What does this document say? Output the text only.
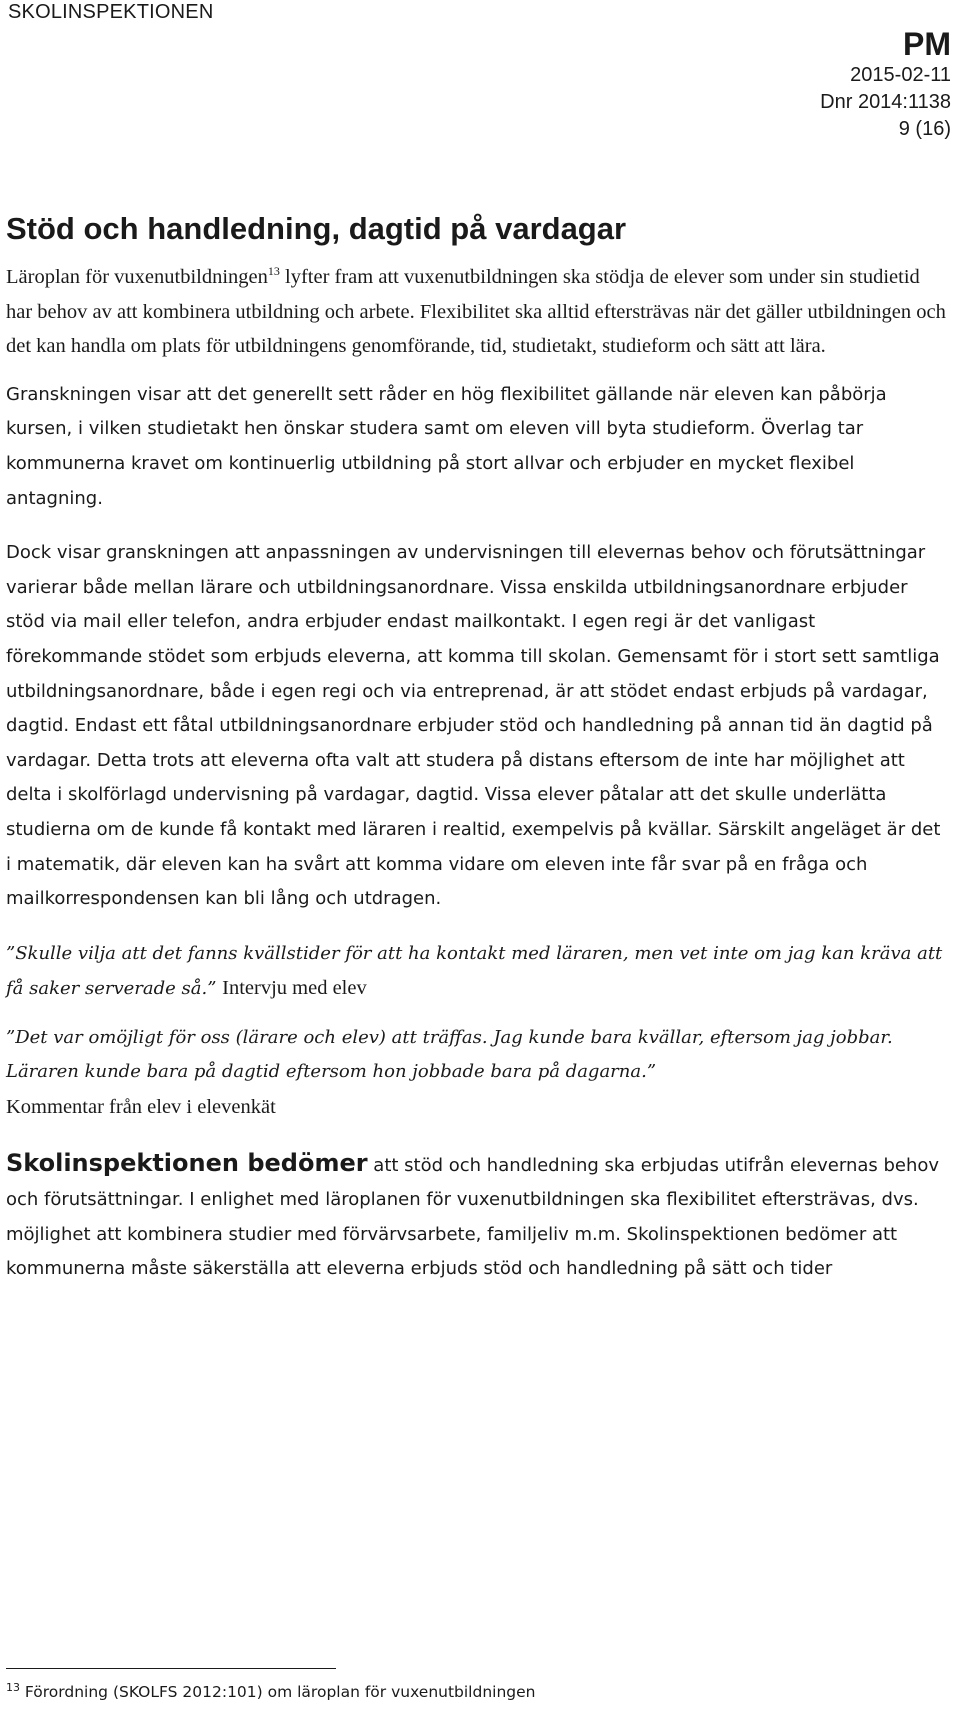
SKOLINSPEKTIONEN
PM
2015-02-11
Dnr 2014:1138
9 (16)
Stöd och handledning, dagtid på vardagar

Läroplan för vuxenutbildningen$^{13}$ lyfter fram att vuxenutbildningen ska stödja de elever som under sin studietid har behov av att kombinera utbildning och arbete. Flexibilitet ska alltid eftersträvas när det gäller utbildningen och det kan handla om plats för utbildningens genomförande, tid, studietakt, studieform och sätt att lära.

Granskningen visar att det generellt sett råder en hög flexibilitet gällande när eleven kan påbörja kursen, i vilken studietakt hen önskar studera samt om eleven vill byta studieform. Överlag tar kommunerna kravet om kontinuerlig utbildning på stort allvar och erbjuder en mycket flexibel antagning.

Dock visar granskningen att anpassningen av undervisningen till elevernas behov och förutsättningar varierar både mellan lärare och utbildningsanordnare. Vissa enskilda utbildningsanordnare erbjuder stöd via mail eller telefon, andra erbjuder endast mailkontakt. I egen regi är det vanligast förekommande stödet som erbjuds eleverna, att komma till skolan. Gemensamt för i stort sett samtliga utbildningsanordnare, både i egen regi och via entreprenad, är att stödet endast erbjuds på vardagar, dagtid. Endast ett fåtal utbildningsanordnare erbjuder stöd och handledning på annan tid än dagtid på vardagar. Detta trots att eleverna ofta valt att studera på distans eftersom de inte har möjlighet att delta i skolförlagd undervisning på vardagar, dagtid. Vissa elever påtalar att det skulle underlätta studierna om de kunde få kontakt med läraren i realtid, exempelvis på kvällar. Särskilt angeläget är det i matematik, där eleven kan ha svårt att komma vidare om eleven inte får svar på en fråga och mailkorrespondensen kan bli lång och utdragen.

”Skulle vilja att det fanns kvällstider för att ha kontakt med läraren, men vet inte om jag kan kräva att få saker serverade så.” Intervju med elev

”Det var omöjligt för oss (lärare och elev) att träffas. Jag kunde bara kvällar, eftersom jag jobbar. Läraren kunde bara på dagtid eftersom hon jobbade bara på dagarna.”
Kommentar från elev i elevenkät

Skolinspektionen bedömer att stöd och handledning ska erbjudas utifrån elevernas behov och förutsättningar. I enlighet med läroplanen för vuxenutbildningen ska flexibilitet eftersträvas, dvs. möjlighet att kombinera studier med förvärvsarbete, familjeliv m.m. Skolinspektionen bedömer att kommunerna måste säkerställa att eleverna erbjuds stöd och handledning på sätt och tider

$^{13}$ Förordning (SKOLFS 2012:101) om läroplan för vuxenutbildningen
